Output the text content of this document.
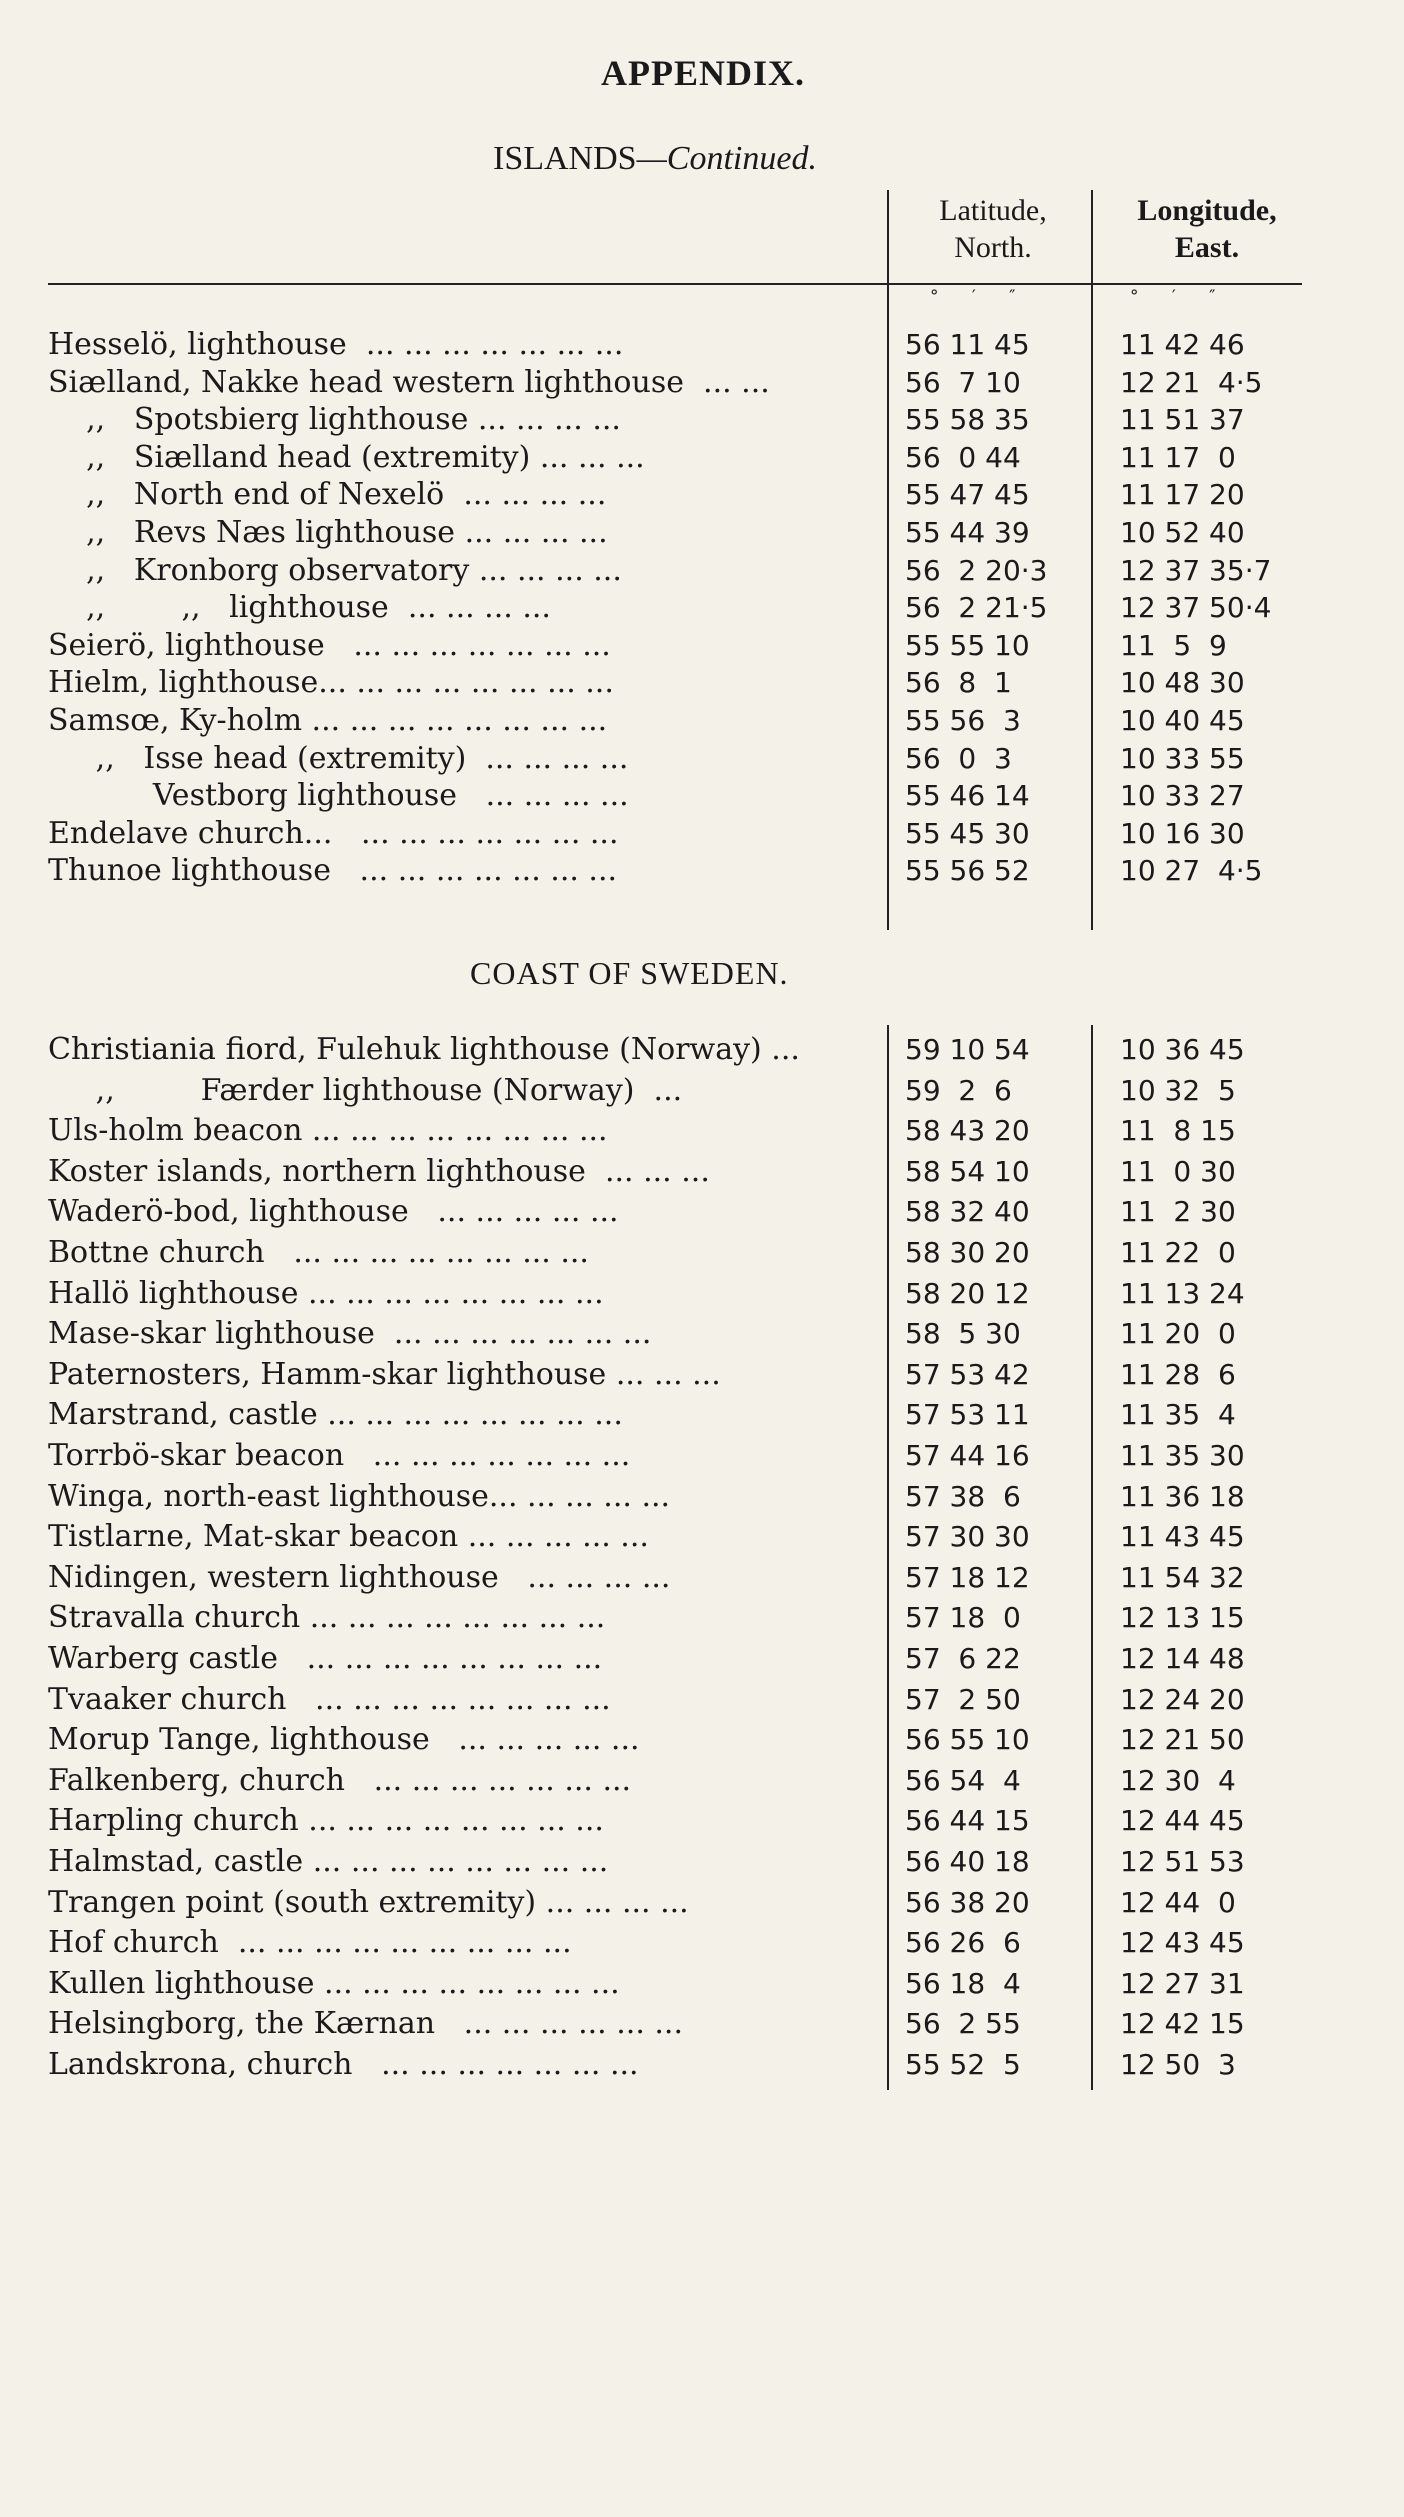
APPENDIX.
ISLANDS—Continued.
Latitude,
North.
Longitude,
East.
° ′ ″	° ′ ″
Hesselö, lighthouse  ... ... ... ... ... ... ...	56 11 45	11 42 46
Siælland, Nakke head western lighthouse  ... ...	56  7 10	12 21  4·5
,,   Spotsbierg lighthouse ... ... ... ...	55 58 35	11 51 37
,,   Siælland head (extremity) ... ... ...	56  0 44	11 17  0
,,   North end of Nexelö  ... ... ... ...	55 47 45	11 17 20
,,   Revs Næs lighthouse ... ... ... ...	55 44 39	10 52 40
,,   Kronborg observatory ... ... ... ...	56  2 20·3	12 37 35·7
,,        ,,   lighthouse  ... ... ... ...	56  2 21·5	12 37 50·4
Seierö, lighthouse   ... ... ... ... ... ... ...	55 55 10	11  5  9
Hielm, lighthouse... ... ... ... ... ... ... ...	56  8  1	10 48 30
Samsœ, Ky-holm ... ... ... ... ... ... ... ...	55 56  3	10 40 45
,,   Isse head (extremity)  ... ... ... ...	56  0  3	10 33 55
Vestborg lighthouse   ... ... ... ...	55 46 14	10 33 27
Endelave church...   ... ... ... ... ... ... ...	55 45 30	10 16 30
Thunoe lighthouse   ... ... ... ... ... ... ...	55 56 52	10 27  4·5
COAST OF SWEDEN.
Christiania fiord, Fulehuk lighthouse (Norway) ...	59 10 54	10 36 45
,,         Færder lighthouse (Norway)  ...	59  2  6	10 32  5
Uls-holm beacon ... ... ... ... ... ... ... ...	58 43 20	11  8 15
Koster islands, northern lighthouse  ... ... ...	58 54 10	11  0 30
Waderö-bod, lighthouse   ... ... ... ... ...	58 32 40	11  2 30
Bottne church   ... ... ... ... ... ... ... ...	58 30 20	11 22  0
Hallö lighthouse ... ... ... ... ... ... ... ...	58 20 12	11 13 24
Mase-skar lighthouse  ... ... ... ... ... ... ...	58  5 30	11 20  0
Paternosters, Hamm-skar lighthouse ... ... ...	57 53 42	11 28  6
Marstrand, castle ... ... ... ... ... ... ... ...	57 53 11	11 35  4
Torrbö-skar beacon   ... ... ... ... ... ... ...	57 44 16	11 35 30
Winga, north-east lighthouse... ... ... ... ...	57 38  6	11 36 18
Tistlarne, Mat-skar beacon ... ... ... ... ...	57 30 30	11 43 45
Nidingen, western lighthouse   ... ... ... ...	57 18 12	11 54 32
Stravalla church ... ... ... ... ... ... ... ...	57 18  0	12 13 15
Warberg castle   ... ... ... ... ... ... ... ...	57  6 22	12 14 48
Tvaaker church   ... ... ... ... ... ... ... ...	57  2 50	12 24 20
Morup Tange, lighthouse   ... ... ... ... ...	56 55 10	12 21 50
Falkenberg, church   ... ... ... ... ... ... ...	56 54  4	12 30  4
Harpling church ... ... ... ... ... ... ... ...	56 44 15	12 44 45
Halmstad, castle ... ... ... ... ... ... ... ...	56 40 18	12 51 53
Trangen point (south extremity) ... ... ... ...	56 38 20	12 44  0
Hof church  ... ... ... ... ... ... ... ... ...	56 26  6	12 43 45
Kullen lighthouse ... ... ... ... ... ... ... ...	56 18  4	12 27 31
Helsingborg, the Kærnan   ... ... ... ... ... ...	56  2 55	12 42 15
Landskrona, church   ... ... ... ... ... ... ...	55 52  5	12 50  3
